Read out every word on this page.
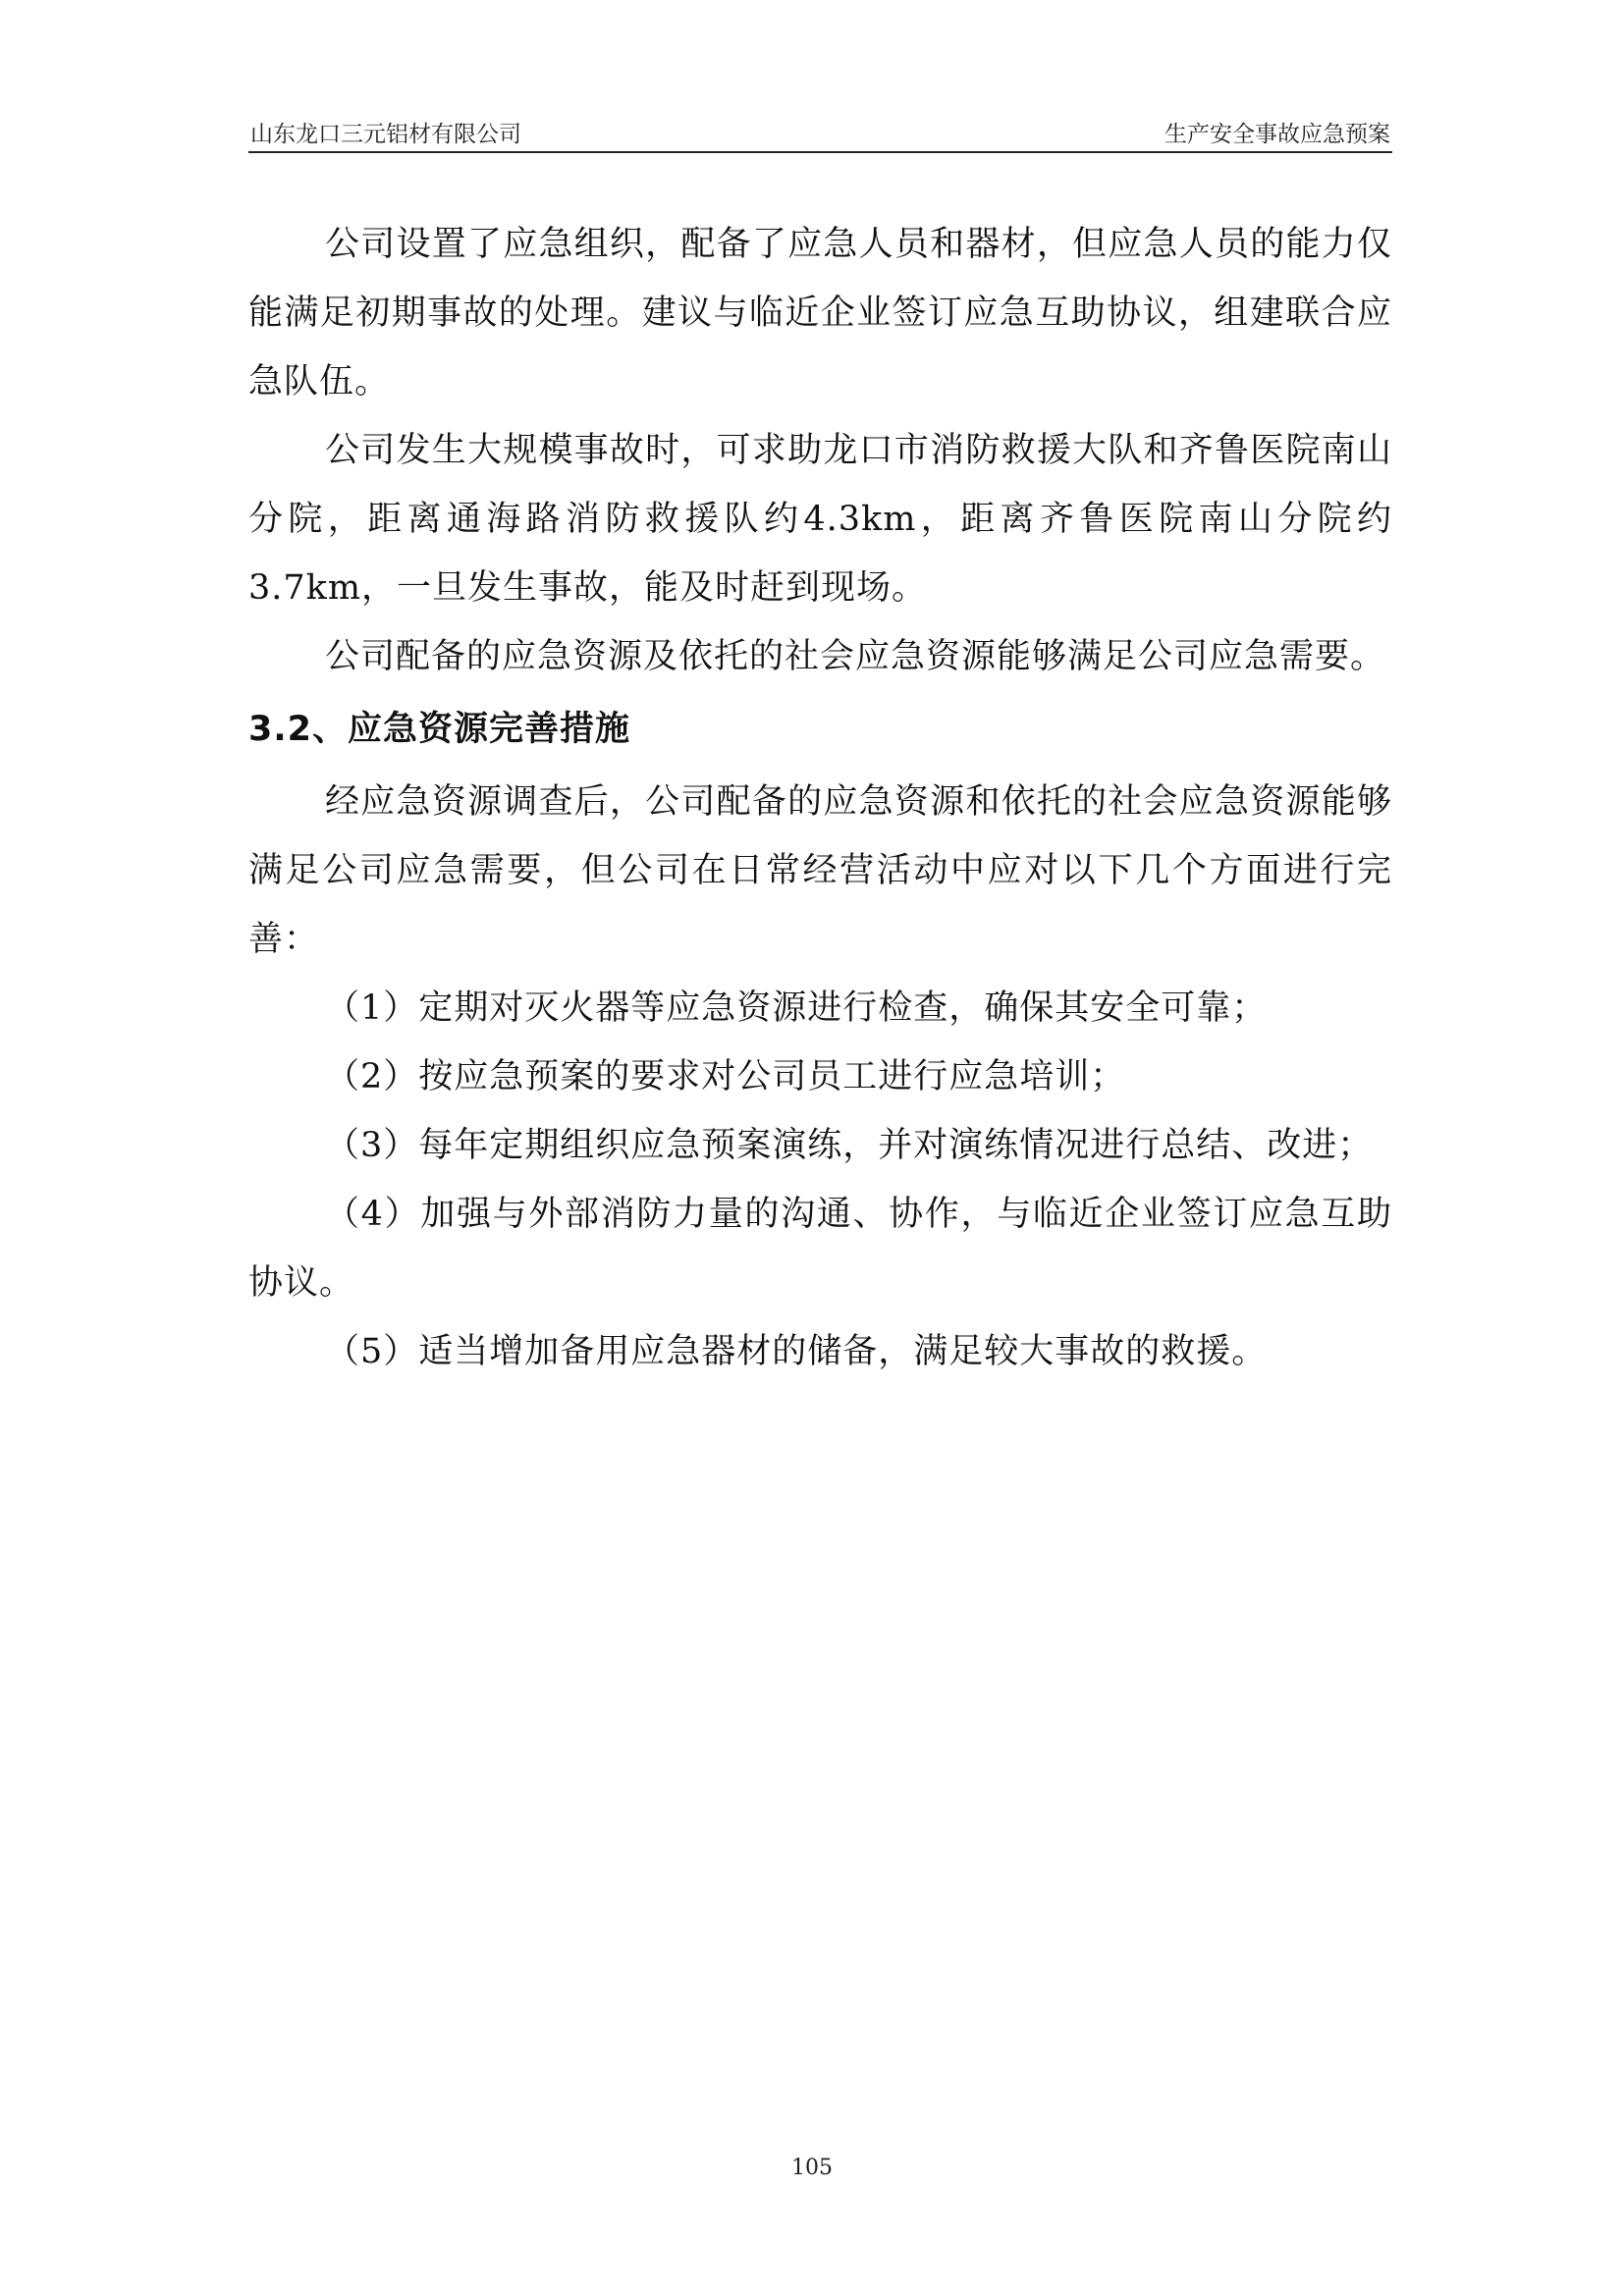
山东龙口三元铝材有限公司	生产安全事故应急预案

公司设置了应急组织，配备了应急人员和器材，但应急人员的能力仅能满足初期事故的处理。建议与临近企业签订应急互助协议，组建联合应急队伍。

公司发生大规模事故时，可求助龙口市消防救援大队和齐鲁医院南山分院，距离通海路消防救援队约4.3km，距离齐鲁医院南山分院约3.7km，一旦发生事故，能及时赶到现场。

公司配备的应急资源及依托的社会应急资源能够满足公司应急需要。

3.2、应急资源完善措施

经应急资源调查后，公司配备的应急资源和依托的社会应急资源能够满足公司应急需要，但公司在日常经营活动中应对以下几个方面进行完善：

（1）定期对灭火器等应急资源进行检查，确保其安全可靠；
（2）按应急预案的要求对公司员工进行应急培训；
（3）每年定期组织应急预案演练，并对演练情况进行总结、改进；
（4）加强与外部消防力量的沟通、协作，与临近企业签订应急互助协议。
（5）适当增加备用应急器材的储备，满足较大事故的救援。
105
